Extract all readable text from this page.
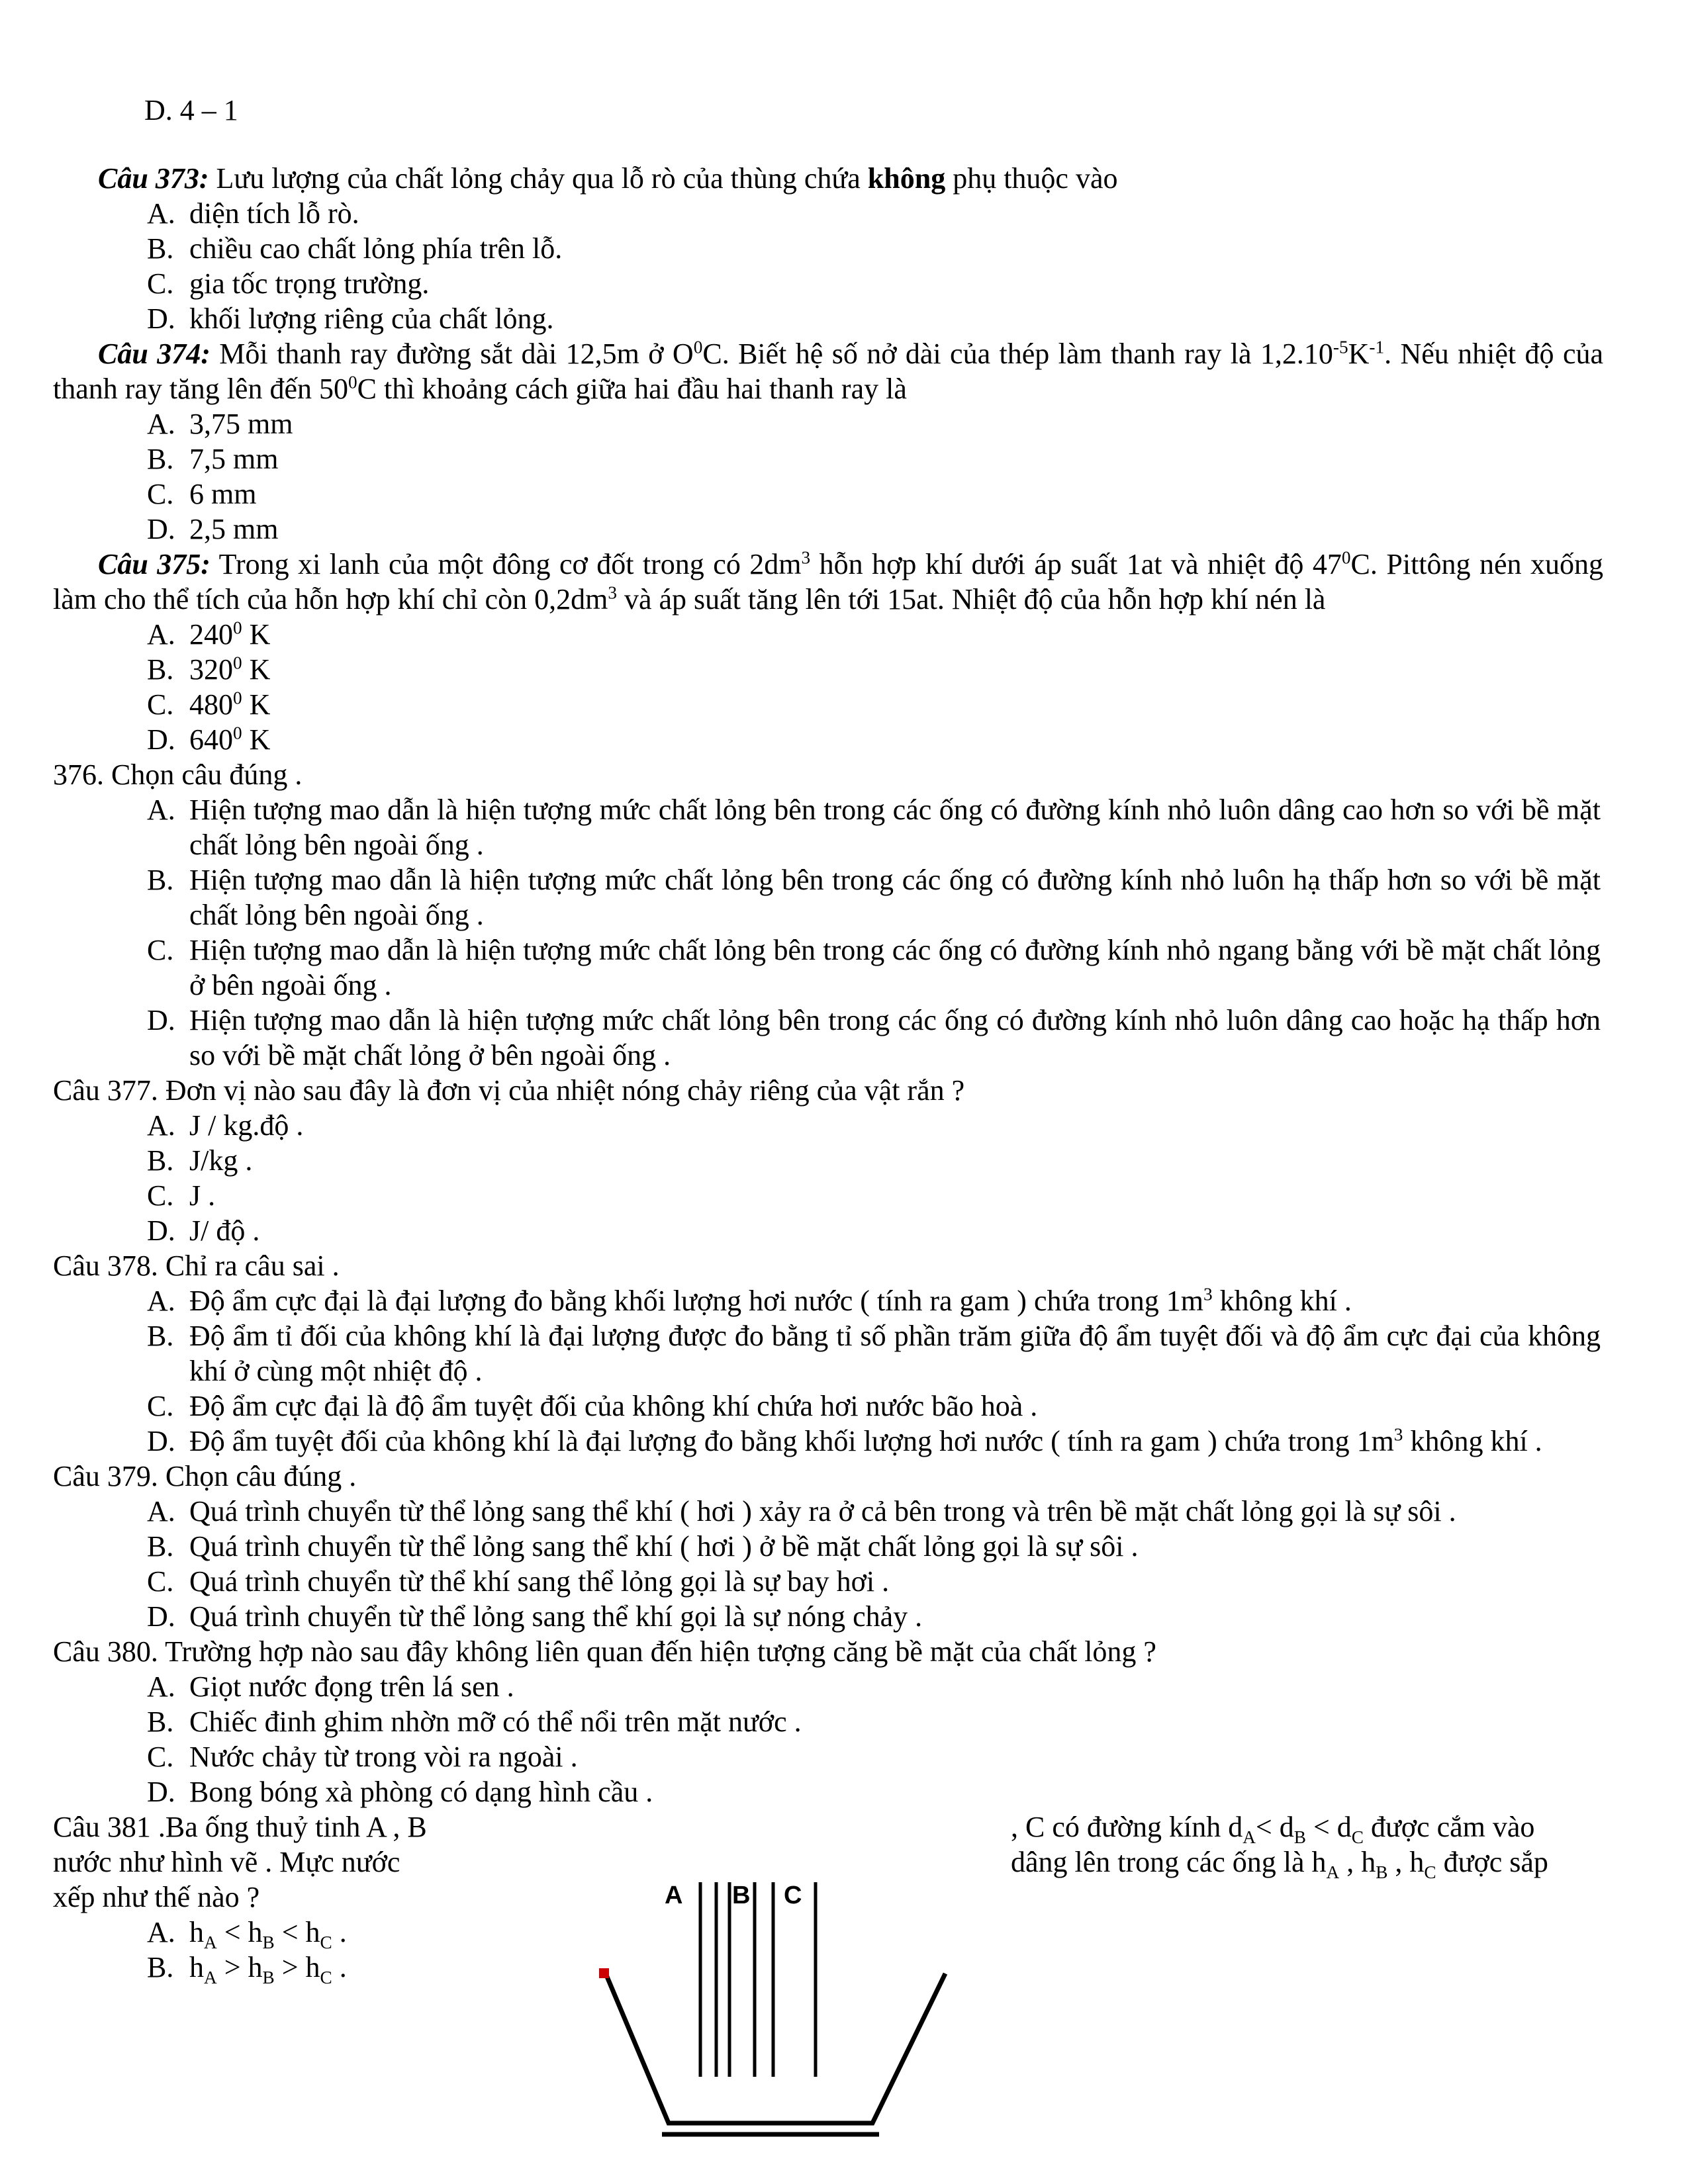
D. 4 – 1

Câu 373: Lưu lượng của chất lỏng chảy qua lỗ rò của thùng chứa không phụ thuộc vào

A. diện tích lỗ rò.
B. chiều cao chất lỏng phía trên lỗ.
C. gia tốc trọng trường.
D. khối lượng riêng của chất lỏng.

Câu 374: Mỗi thanh ray đường sắt dài 12,5m ở $O^0C$. Biết hệ số nở dài của thép làm thanh ray là $1,2.10^{-5}K^{-1}$. Nếu nhiệt độ của thanh ray tăng lên đến $50^0C$ thì khoảng cách giữa hai đầu hai thanh ray là

A. 3,75 mm
B. 7,5 mm
C. 6 mm
D. 2,5 mm

Câu 375: Trong xi lanh của một đông cơ đốt trong có $2dm^3$ hỗn hợp khí dưới áp suất 1at và nhiệt độ $47^0C$. Pittông nén xuống làm cho thể tích của hỗn hợp khí chỉ còn $0,2dm^3$ và áp suất tăng lên tới 15at. Nhiệt độ của hỗn hợp khí nén là

A. $240^0$ K
B. $320^0$ K
C. $480^0$ K
D. $640^0$ K

376. Chọn câu đúng .

A. Hiện tượng mao dẫn là hiện tượng mức chất lỏng bên trong các ống có đường kính nhỏ luôn dâng cao hơn so với bề mặt chất lỏng bên ngoài ống .
B. Hiện tượng mao dẫn là hiện tượng mức chất lỏng bên trong các ống có đường kính nhỏ luôn hạ thấp hơn so với bề mặt chất lỏng bên ngoài ống .
C. Hiện tượng mao dẫn là hiện tượng mức chất lỏng bên trong các ống có đường kính nhỏ ngang bằng với bề mặt chất lỏng ở bên ngoài ống .
D. Hiện tượng mao dẫn là hiện tượng mức chất lỏng bên trong các ống có đường kính nhỏ luôn dâng cao hoặc hạ thấp hơn so với bề mặt chất lỏng ở bên ngoài ống .

Câu 377. Đơn vị nào sau đây là đơn vị của nhiệt nóng chảy riêng của vật rắn ?

A. J / kg.độ .
B. J/kg .
C. J .
D. J/ độ .

Câu 378. Chỉ ra câu sai .

A. Độ ẩm cực đại là đại lượng đo bằng khối lượng hơi nước ( tính ra gam ) chứa trong $1m^3$ không khí .
B. Độ ẩm tỉ đối của không khí là đại lượng được đo bằng tỉ số phần trăm giữa độ ẩm tuyệt đối và độ ẩm cực đại của không khí ở cùng một nhiệt độ .
C. Độ ẩm cực đại là độ ẩm tuyệt đối của không khí chứa hơi nước bão hoà .
D. Độ ẩm tuyệt đối của không khí là đại lượng đo bằng khối lượng hơi nước ( tính ra gam ) chứa trong $1m^3$ không khí .

Câu 379. Chọn câu đúng .

A. Quá trình chuyển từ thể lỏng sang thể khí ( hơi ) xảy ra ở cả bên trong và trên bề mặt chất lỏng gọi là sự sôi .
B. Quá trình chuyển từ thể lỏng sang thể khí ( hơi ) ở bề mặt chất lỏng gọi là sự sôi .
C. Quá trình chuyển từ thể khí sang thể lỏng gọi là sự bay hơi .
D. Quá trình chuyển từ thể lỏng sang thể khí gọi là sự nóng chảy .

Câu 380. Trường hợp nào sau đây không liên quan đến hiện tượng căng bề mặt của chất lỏng ?

A. Giọt nước đọng trên lá sen .
B. Chiếc đinh ghim nhờn mỡ có thể nổi trên mặt nước .
C. Nước chảy từ trong vòi ra ngoài .
D. Bong bóng xà phòng có dạng hình cầu .
Câu 381 .Ba ống thuỷ tinh A , B	, C có đường kính $d_A< d_B < d_C$ được cắm vào
nước như hình vẽ . Mực nước	dâng lên trong các ống là $h_A$ , $h_B$ , $h_C$ được sắp
xếp như thế nào ?
A. $h_A < h_B < h_C$ .
B. $h_A > h_B > h_C$ .
A B C
